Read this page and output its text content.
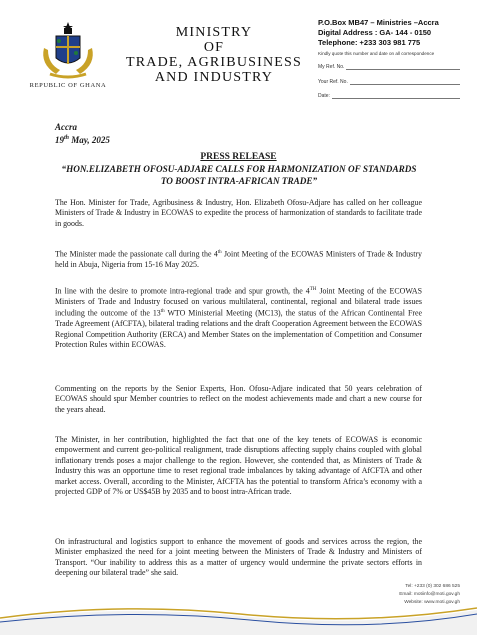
REPUBLIC OF GHANA
MINISTRY
OF
TRADE, AGRIBUSINESS
AND INDUSTRY
P.O.Box MB47 – Ministries –Accra
Digital Address : GA- 144 - 0150
Telephone: +233 303 981 775
Kindly quote this number and date on all correspondence
My Ref. No.
Your Ref. No.
Date:
Accra
19th May, 2025
PRESS RELEASE
“HON.ELIZABETH OFOSU-ADJARE CALLS FOR HARMONIZATION OF STANDARDS TO BOOST INTRA-AFRICAN TRADE”

The Hon. Minister for Trade, Agribusiness & Industry, Hon. Elizabeth Ofosu-Adjare has called on her colleague Ministers of Trade & Industry in ECOWAS to expedite the process of harmonization of standards to facilitate trade in goods.

The Minister made the passionate call during the 4th Joint Meeting of the ECOWAS Ministers of Trade & Industry held in Abuja, Nigeria from 15-16 May 2025.

In line with the desire to promote intra-regional trade and spur growth, the 4TH Joint Meeting of the ECOWAS Ministers of Trade and Industry focused on various multilateral, continental, regional and bilateral trade issues including the outcome of the 13th WTO Ministerial Meeting (MC13), the status of the African Continental Free Trade Agreement (AfCFTA), bilateral trading relations and the draft Cooperation Agreement between the ECOWAS Regional Competition Authority (ERCA) and Member States on the implementation of Competition and Consumer Protection Rules within ECOWAS.

Commenting on the reports by the Senior Experts, Hon. Ofosu-Adjare indicated that 50 years celebration of ECOWAS should spur Member countries to reflect on the modest achievements made and chart a new course for the years ahead.

The Minister, in her contribution, highlighted the fact that one of the key tenets of ECOWAS is economic empowerment and current geo-political realignment, trade disruptions affecting supply chains coupled with global inflationary trends poses a major challenge to the region. However, she contended that, as Ministers of Trade & Industry this was an opportune time to reset regional trade imbalances by taking advantage of AfCFTA and other market access. Overall, according to the Minister, AfCFTA has the potential to transform Africa’s economy with a projected GDP of 7% or US$45B by 2035 and to boost intra-African trade.

On infrastructural and logistics support to enhance the movement of goods and services across the region, the Minister emphasized the need for a joint meeting between the Ministers of Trade & Industry and Ministers of Transport. “Our inability to address this as a matter of urgency would undermine the private sectors efforts in deepening our bilateral trade” she said.

Tel: +233 (0) 302 686 525
Email: motiinfo@moti.gov.gh
Website: www.moti.gov.gh
